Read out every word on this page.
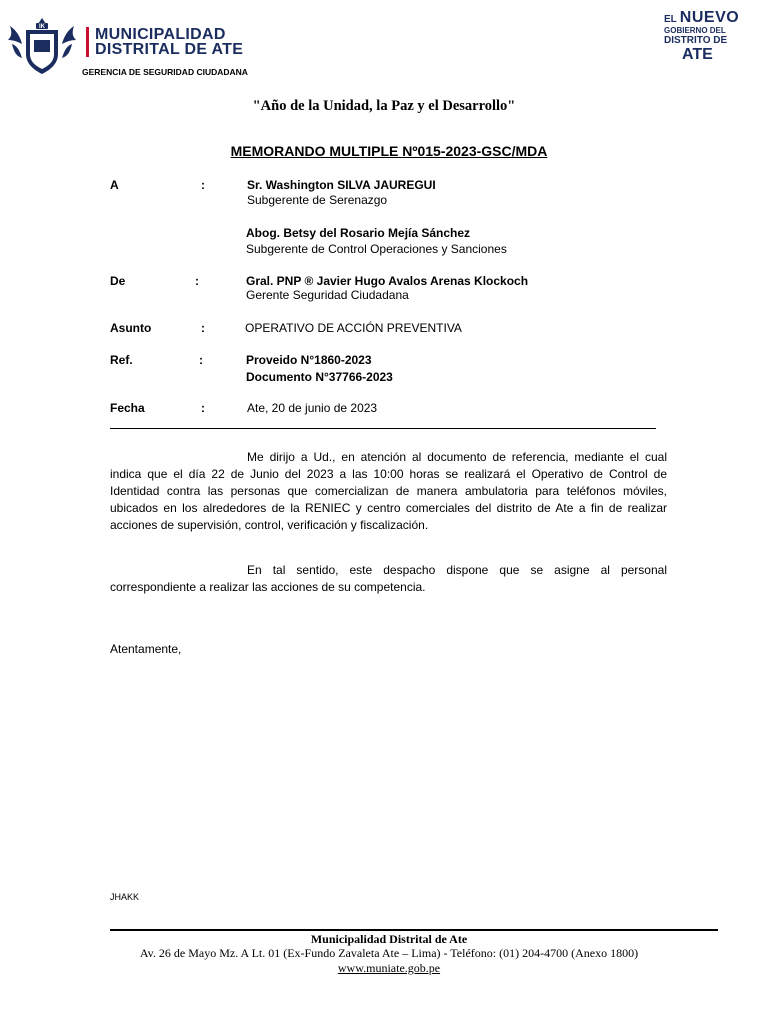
IK	MUNICIPALIDAD
DISTRITAL DE ATE
GERENCIA DE SEGURIDAD CIUDADANA
EL NUEVO
GOBIERNO DEL
DISTRITO DE
ATE
"Año de la Unidad, la Paz y el Desarrollo"
MEMORANDO MULTIPLE Nº015-2023-GSC/MDA
A	:	Sr. Washington SILVA JAUREGUI
Subgerente de Serenazgo
Abog. Betsy del Rosario Mejía Sánchez
Subgerente de Control Operaciones y Sanciones
De	:	Gral. PNP ® Javier Hugo Avalos Arenas Klockoch
Gerente Seguridad Ciudadana
Asunto	:	OPERATIVO DE ACCIÓN PREVENTIVA
Ref.	:	Proveido N°1860-2023
Documento N°37766-2023
Fecha	:	Ate, 20 de junio de 2023
Me dirijo a Ud., en atención al documento de referencia, mediante el cual indica que el día 22 de Junio del 2023 a las 10:00 horas se realizará el Operativo de Control de Identidad contra las personas que comercializan de manera ambulatoria para teléfonos móviles, ubicados en los alrededores de la RENIEC y centro comerciales del distrito de Ate a fin de realizar acciones de supervisión, control, verificación y fiscalización.
En tal sentido, este despacho dispone que se asigne al personal correspondiente a realizar las acciones de su competencia.
Atentamente,
JHAKK
Municipalidad Distrital de Ate
Av. 26 de Mayo Mz. A Lt. 01 (Ex-Fundo Zavaleta Ate – Lima) - Teléfono: (01) 204-4700 (Anexo 1800)
www.muniate.gob.pe
